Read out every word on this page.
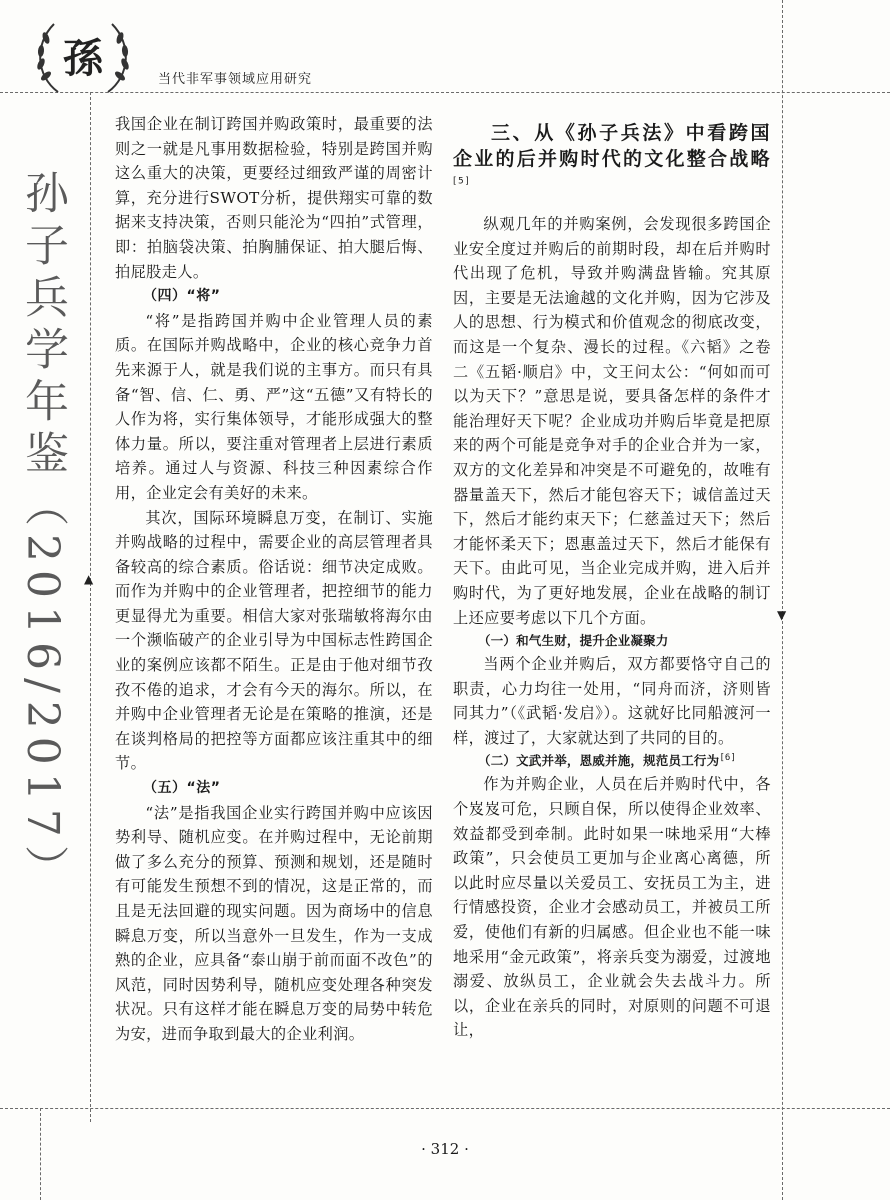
孫	当代非军事领域应用研究
孙子兵学年鉴（2016/2017）	▲
▼

我国企业在制订跨国并购政策时，最重要的法则之一就是凡事用数据检验，特别是跨国并购这么重大的决策，更要经过细致严谨的周密计算，充分进行SWOT分析，提供翔实可靠的数据来支持决策，否则只能沦为“四拍”式管理，即：拍脑袋决策、拍胸脯保证、拍大腿后悔、拍屁股走人。

（四）“将”

“将”是指跨国并购中企业管理人员的素质。在国际并购战略中，企业的核心竞争力首先来源于人，就是我们说的主事方。而只有具备“智、信、仁、勇、严”这“五德”又有特长的人作为将，实行集体领导，才能形成强大的整体力量。所以，要注重对管理者上层进行素质培养。通过人与资源、科技三种因素综合作用，企业定会有美好的未来。

其次，国际环境瞬息万变，在制订、实施并购战略的过程中，需要企业的高层管理者具备较高的综合素质。俗话说：细节决定成败。而作为并购中的企业管理者，把控细节的能力更显得尤为重要。相信大家对张瑞敏将海尔由一个濒临破产的企业引导为中国标志性跨国企业的案例应该都不陌生。正是由于他对细节孜孜不倦的追求，才会有今天的海尔。所以，在并购中企业管理者无论是在策略的推演，还是在谈判格局的把控等方面都应该注重其中的细节。

（五）“法”

“法”是指我国企业实行跨国并购中应该因势利导、随机应变。在并购过程中，无论前期做了多么充分的预算、预测和规划，还是随时有可能发生预想不到的情况，这是正常的，而且是无法回避的现实问题。因为商场中的信息瞬息万变，所以当意外一旦发生，作为一支成熟的企业，应具备“泰山崩于前而面不改色”的风范，同时因势利导，随机应变处理各种突发状况。只有这样才能在瞬息万变的局势中转危为安，进而争取到最大的企业利润。

三、从《孙子兵法》中看跨国企业的后并购时代的文化整合战略[5]

纵观几年的并购案例，会发现很多跨国企业安全度过并购后的前期时段，却在后并购时代出现了危机，导致并购满盘皆输。究其原因，主要是无法逾越的文化并购，因为它涉及人的思想、行为模式和价值观念的彻底改变，而这是一个复杂、漫长的过程。《六韬》之卷二《五韬·顺启》中，文王问太公：“何如而可以为天下？”意思是说，要具备怎样的条件才能治理好天下呢？企业成功并购后毕竟是把原来的两个可能是竞争对手的企业合并为一家，双方的文化差异和冲突是不可避免的，故唯有器量盖天下，然后才能包容天下；诚信盖过天下，然后才能约束天下；仁慈盖过天下；然后才能怀柔天下；恩惠盖过天下，然后才能保有天下。由此可见，当企业完成并购，进入后并购时代，为了更好地发展，企业在战略的制订上还应要考虑以下几个方面。

（一）和气生财，提升企业凝聚力

当两个企业并购后，双方都要恪守自己的职责，心力均往一处用，“同舟而济，济则皆同其力”（《武韬·发启》）。这就好比同船渡河一样，渡过了，大家就达到了共同的目的。

（二）文武并举，恩威并施，规范员工行为[6]

作为并购企业，人员在后并购时代中，各个岌岌可危，只顾自保，所以使得企业效率、效益都受到牵制。此时如果一味地采用“大棒政策”，只会使员工更加与企业离心离德，所以此时应尽量以关爱员工、安抚员工为主，进行情感投资，企业才会感动员工，并被员工所爱，使他们有新的归属感。但企业也不能一味地采用“金元政策”，将亲兵变为溺爱，过渡地溺爱、放纵员工，企业就会失去战斗力。所以，企业在亲兵的同时，对原则的问题不可退让，

· 312 ·
